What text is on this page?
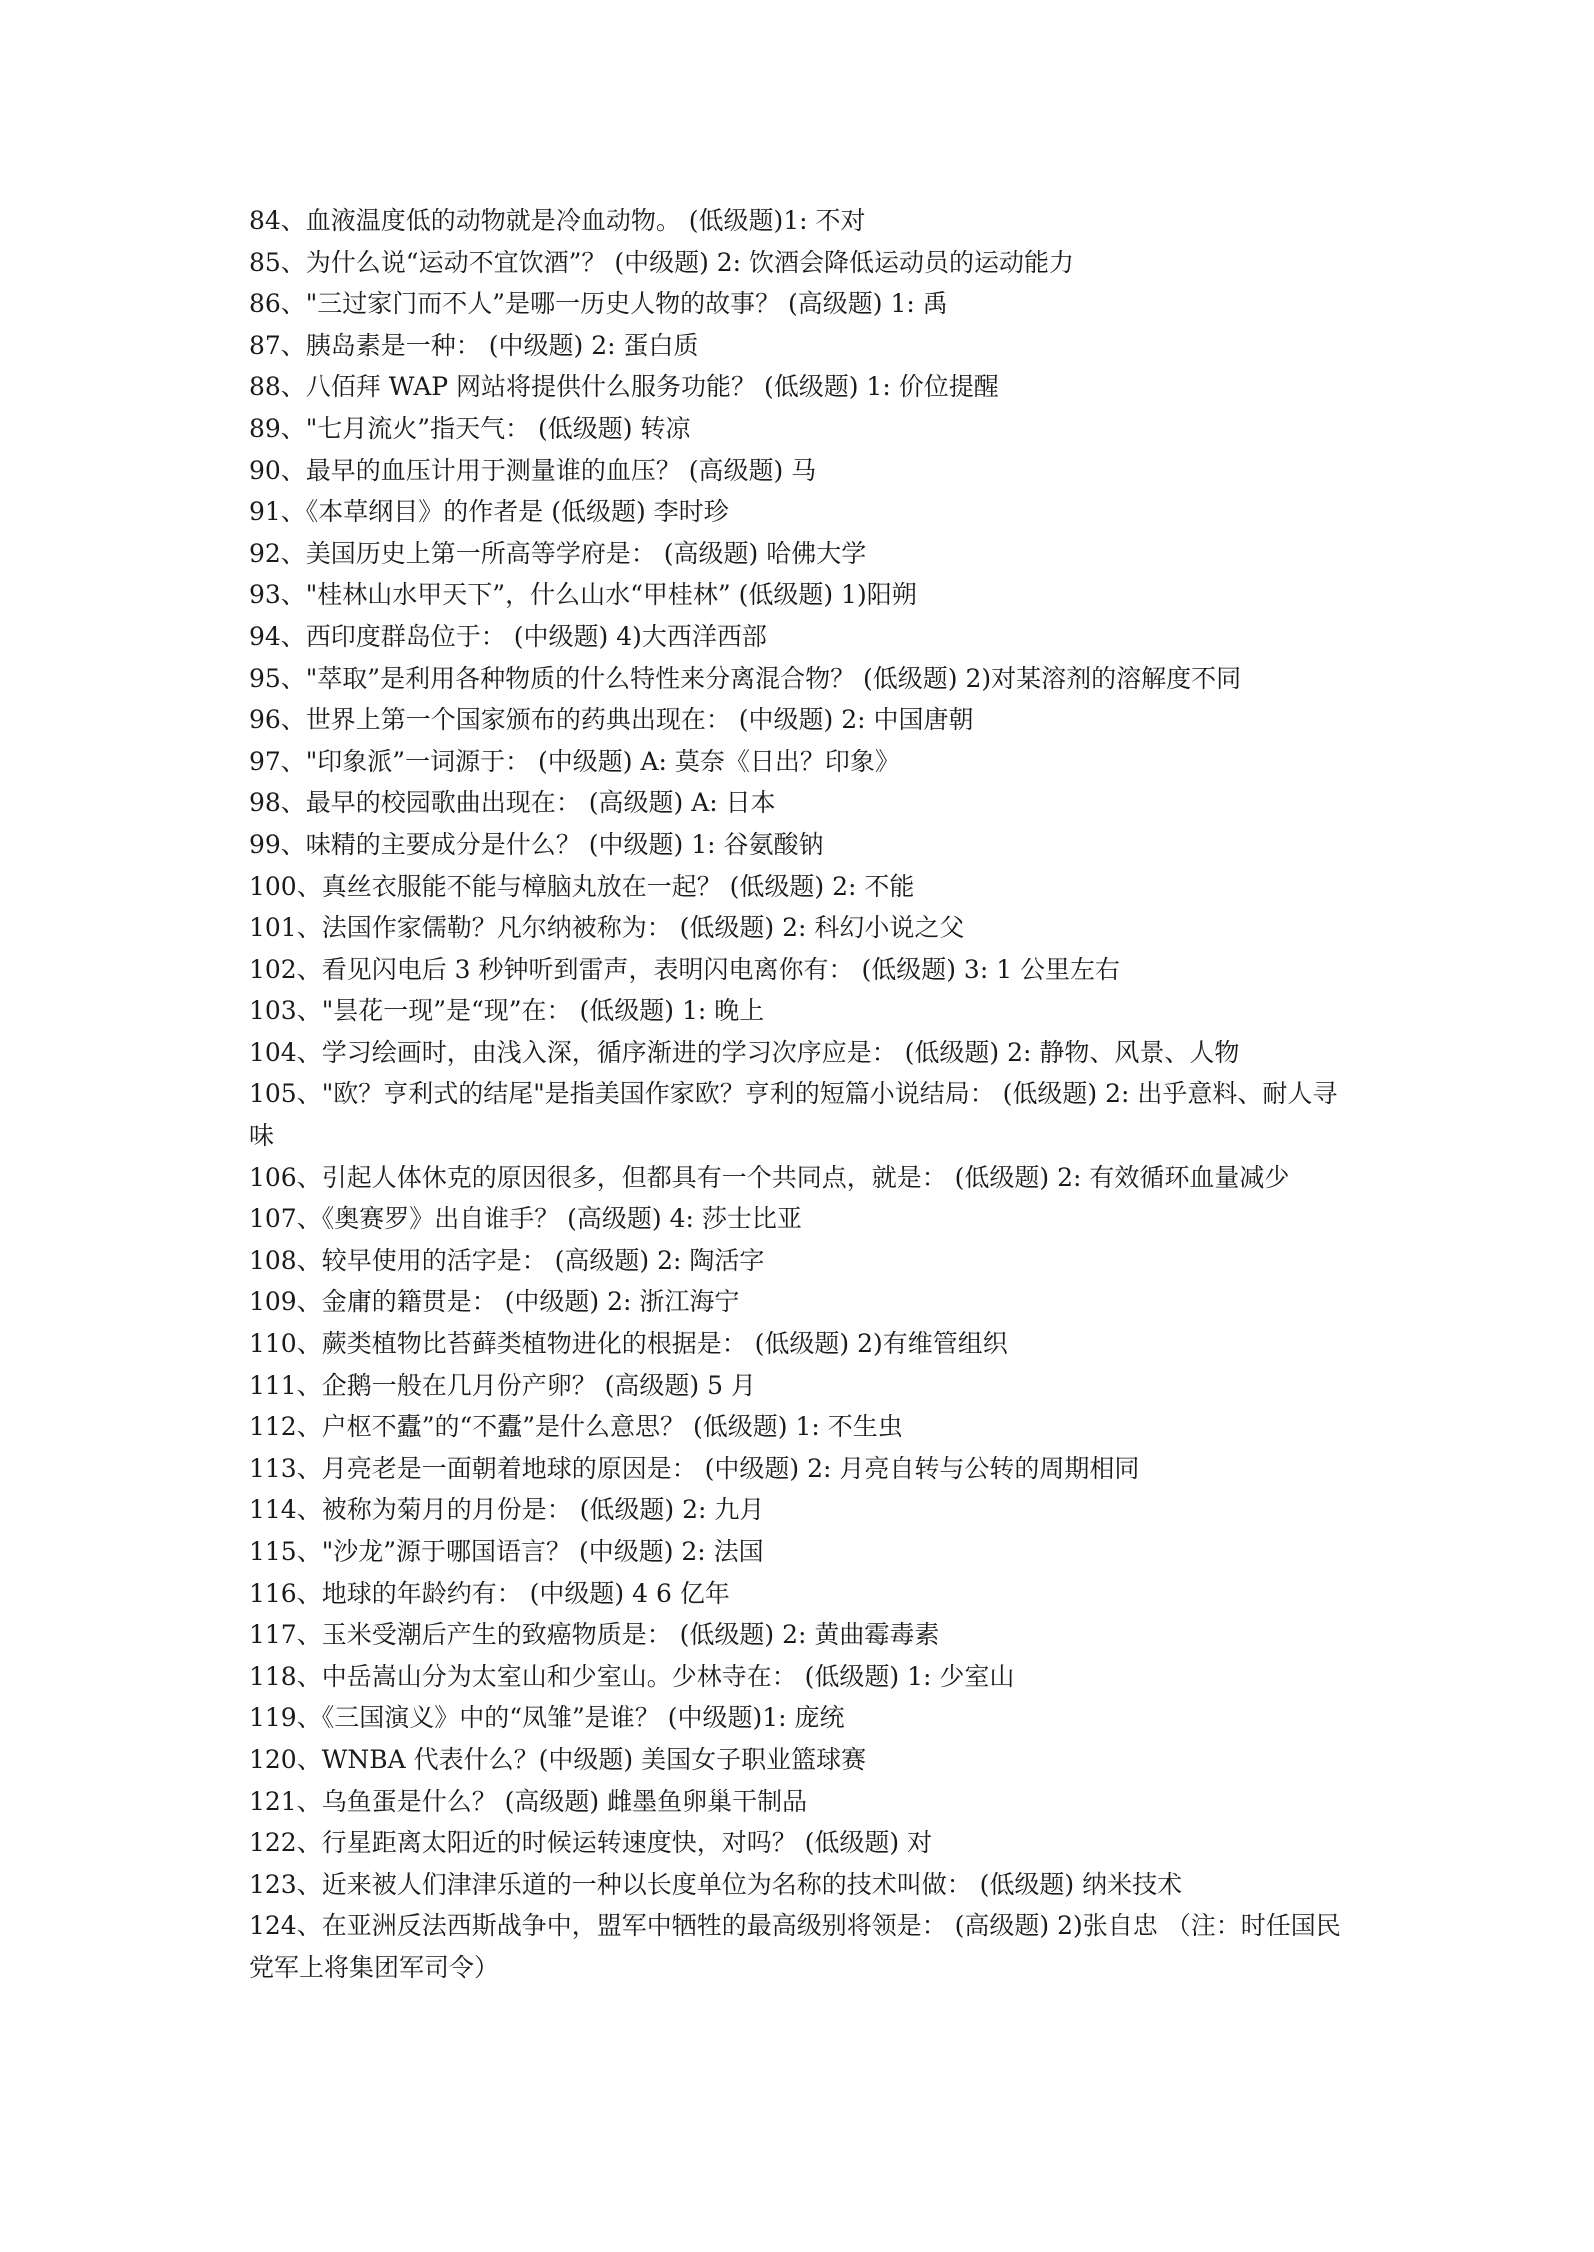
84、血液温度低的动物就是冷血动物。 (低级题)1: 不对

85、为什么说“运动不宜饮酒”？ (中级题) 2: 饮酒会降低运动员的运动能力

86、"三过家门而不人”是哪一历史人物的故事？ (高级题) 1: 禹

87、胰岛素是一种： (中级题) 2: 蛋白质

88、八佰拜 WAP 网站将提供什么服务功能？ (低级题) 1: 价位提醒

89、"七月流火”指天气： (低级题) 转凉

90、最早的血压计用于测量谁的血压？ (高级题) 马

91、《本草纲目》的作者是 (低级题) 李时珍

92、美国历史上第一所高等学府是： (高级题) 哈佛大学

93、"桂林山水甲天下”，什么山水“甲桂林” (低级题) 1)阳朔

94、西印度群岛位于： (中级题) 4)大西洋西部

95、"萃取”是利用各种物质的什么特性来分离混合物？ (低级题) 2)对某溶剂的溶解度不同

96、世界上第一个国家颁布的药典出现在： (中级题) 2: 中国唐朝

97、"印象派”一词源于： (中级题) A: 莫奈《日出？印象》

98、最早的校园歌曲出现在： (高级题) A: 日本

99、味精的主要成分是什么？ (中级题) 1: 谷氨酸钠

100、真丝衣服能不能与樟脑丸放在一起？ (低级题) 2: 不能

101、法国作家儒勒？凡尔纳被称为： (低级题) 2: 科幻小说之父

102、看见闪电后 3 秒钟听到雷声，表明闪电离你有： (低级题) 3: 1 公里左右

103、"昙花一现”是“现”在： (低级题) 1: 晚上

104、学习绘画时，由浅入深，循序渐进的学习次序应是： (低级题) 2: 静物、风景、人物

105、"欧？亨利式的结尾"是指美国作家欧？亨利的短篇小说结局： (低级题) 2: 出乎意料、耐人寻味

106、引起人体休克的原因很多，但都具有一个共同点，就是： (低级题) 2: 有效循环血量减少

107、《奥赛罗》出自谁手？ (高级题) 4: 莎士比亚

108、较早使用的活字是： (高级题) 2: 陶活字

109、金庸的籍贯是： (中级题) 2: 浙江海宁

110、蕨类植物比苔藓类植物进化的根据是： (低级题) 2)有维管组织

111、企鹅一般在几月份产卵？ (高级题) 5 月

112、户枢不蠹”的“不蠹”是什么意思？ (低级题) 1: 不生虫

113、月亮老是一面朝着地球的原因是： (中级题) 2: 月亮自转与公转的周期相同

114、被称为菊月的月份是： (低级题) 2: 九月

115、"沙龙”源于哪国语言？ (中级题) 2: 法国

116、地球的年龄约有： (中级题) 4 6 亿年

117、玉米受潮后产生的致癌物质是： (低级题) 2: 黄曲霉毒素

118、中岳嵩山分为太室山和少室山。少林寺在： (低级题) 1: 少室山

119、《三国演义》中的“凤雏”是谁？ (中级题)1: 庞统

120、WNBA 代表什么？(中级题) 美国女子职业篮球赛

121、乌鱼蛋是什么？ (高级题) 雌墨鱼卵巢干制品

122、行星距离太阳近的时候运转速度快，对吗？ (低级题) 对

123、近来被人们津津乐道的一种以长度单位为名称的技术叫做： (低级题) 纳米技术

124、在亚洲反法西斯战争中，盟军中牺牲的最高级别将领是： (高级题) 2)张自忠 （注：时任国民党军上将集团军司令）
